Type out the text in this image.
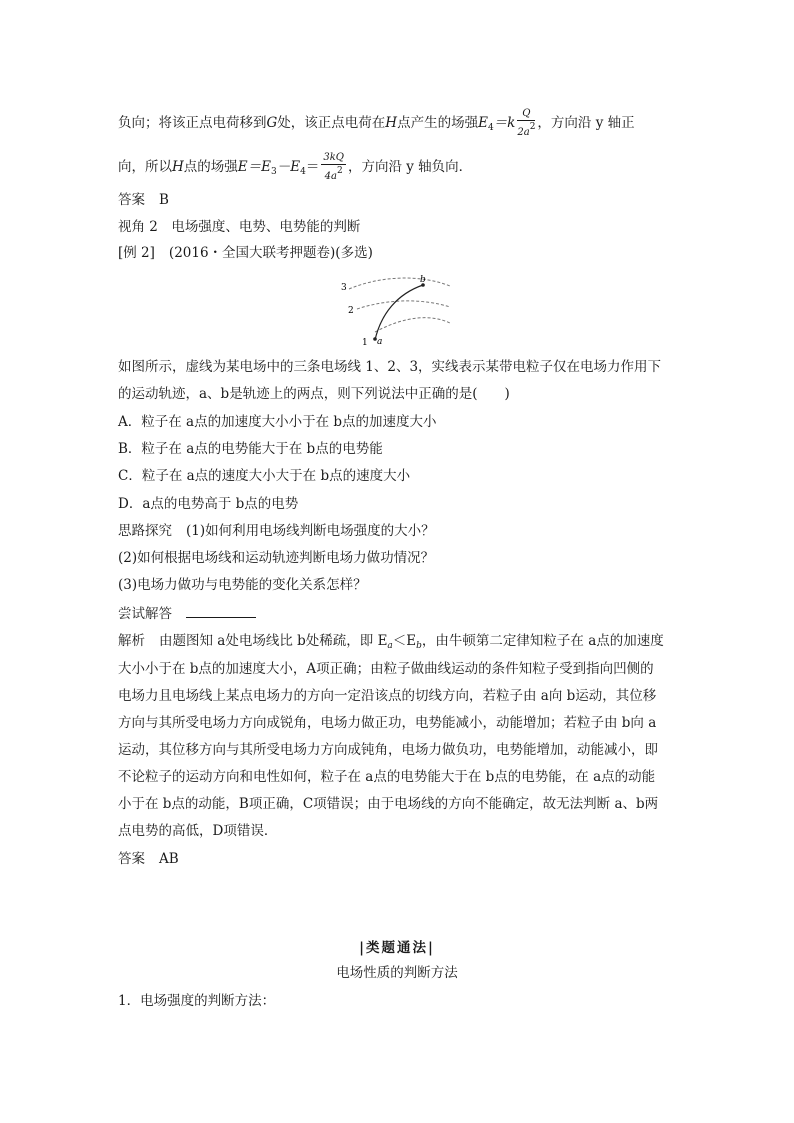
负向；将该正点电荷移到G处，该正点电荷在H点产生的场强$E_4=k \frac{Q}{2a2}$ ，方向沿 y 轴正
向，所以H点的场强$E=E_3-E_4= \frac{3kQ}{4a2}$ ，方向沿 y 轴负向．
答案 B
视角 2　电场强度、电势、电势能的判断
[例 2] (2016・全国大联考押题卷)(多选)
3
2
1 a
b
如图所示，虚线为某电场中的三条电场线 1、2、3，实线表示某带电粒子仅在电场力作用下
的运动轨迹，a、b是轨迹上的两点，则下列说法中正确的是(　　)
A．粒子在 a点的加速度大小小于在 b点的加速度大小
B．粒子在 a点的电势能大于在 b点的电势能
C．粒子在 a点的速度大小大于在 b点的速度大小
D．a点的电势高于 b点的电势
思路探究 (1)如何利用电场线判断电场强度的大小？
(2)如何根据电场线和运动轨迹判断电场力做功情况？
(3)电场力做功与电势能的变化关系怎样？
尝试解答
解析 由题图知 a处电场线比 b处稀疏，即 $E_a<E_b$，由牛顿第二定律知粒子在 a点的加速度
大小小于在 b点的加速度大小，A项正确；由粒子做曲线运动的条件知粒子受到指向凹侧的
电场力且电场线上某点电场力的方向一定沿该点的切线方向，若粒子由 a向 b运动，其位移
方向与其所受电场力方向成锐角，电场力做正功，电势能减小，动能增加；若粒子由 b向 a
运动，其位移方向与其所受电场力方向成钝角，电场力做负功，电势能增加，动能减小，即
不论粒子的运动方向和电性如何，粒子在 a点的电势能大于在 b点的电势能，在 a点的动能
小于在 b点的动能，B项正确，C项错误；由于电场线的方向不能确定，故无法判断 a、b两
点电势的高低，D项错误．
答案 AB
|类题通法|
电场性质的判断方法
1．电场强度的判断方法：
